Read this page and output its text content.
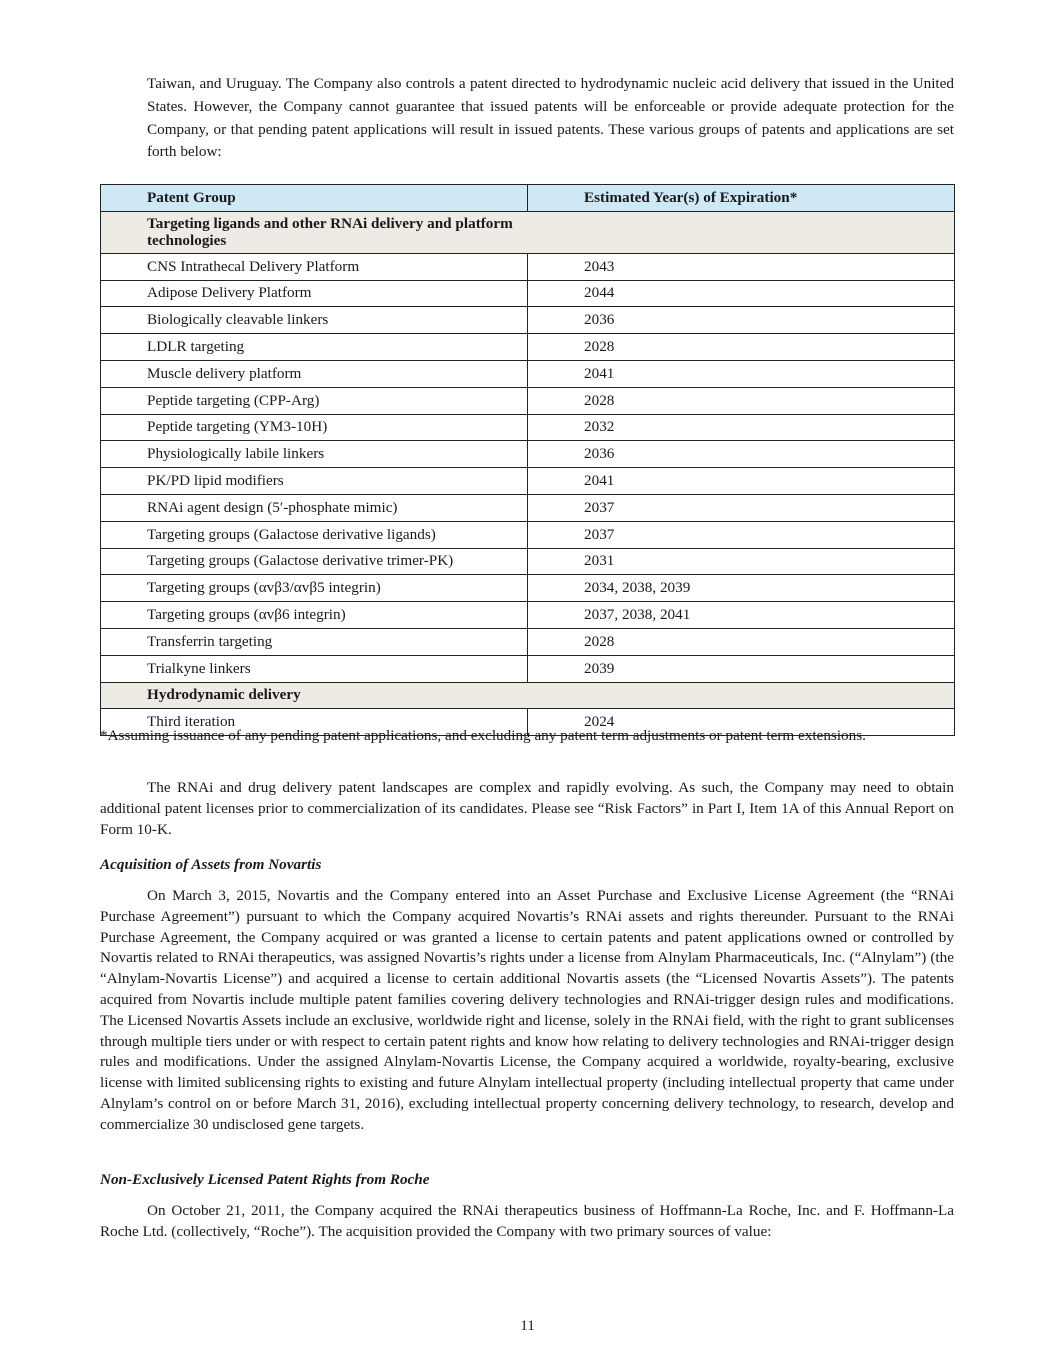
Taiwan, and Uruguay. The Company also controls a patent directed to hydrodynamic nucleic acid delivery that issued in the United States. However, the Company cannot guarantee that issued patents will be enforceable or provide adequate protection for the Company, or that pending patent applications will result in issued patents. These various groups of patents and applications are set forth below:

Patent Group	Estimated Year(s) of Expiration*
Targeting ligands and other RNAi delivery and platform technologies	
CNS Intrathecal Delivery Platform	2043
Adipose Delivery Platform	2044
Biologically cleavable linkers	2036
LDLR targeting	2028
Muscle delivery platform	2041
Peptide targeting (CPP-Arg)	2028
Peptide targeting (YM3-10H)	2032
Physiologically labile linkers	2036
PK/PD lipid modifiers	2041
RNAi agent design (5′-phosphate mimic)	2037
Targeting groups (Galactose derivative ligands)	2037
Targeting groups (Galactose derivative trimer-PK)	2031
Targeting groups (αvβ3/αvβ5 integrin)	2034, 2038, 2039
Targeting groups (αvβ6 integrin)	2037, 2038, 2041
Transferrin targeting	2028
Trialkyne linkers	2039
Hydrodynamic delivery	
Third iteration	2024

*Assuming issuance of any pending patent applications, and excluding any patent term adjustments or patent term extensions.

The RNAi and drug delivery patent landscapes are complex and rapidly evolving. As such, the Company may need to obtain additional patent licenses prior to commercialization of its candidates. Please see “Risk Factors” in Part I, Item 1A of this Annual Report on Form 10-K.

Acquisition of Assets from Novartis

On March 3, 2015, Novartis and the Company entered into an Asset Purchase and Exclusive License Agreement (the “RNAi Purchase Agreement”) pursuant to which the Company acquired Novartis’s RNAi assets and rights thereunder. Pursuant to the RNAi Purchase Agreement, the Company acquired or was granted a license to certain patents and patent applications owned or controlled by Novartis related to RNAi therapeutics, was assigned Novartis’s rights under a license from Alnylam Pharmaceuticals, Inc. (“Alnylam”) (the “Alnylam-Novartis License”) and acquired a license to certain additional Novartis assets (the “Licensed Novartis Assets”). The patents acquired from Novartis include multiple patent families covering delivery technologies and RNAi-trigger design rules and modifications. The Licensed Novartis Assets include an exclusive, worldwide right and license, solely in the RNAi field, with the right to grant sublicenses through multiple tiers under or with respect to certain patent rights and know how relating to delivery technologies and RNAi-trigger design rules and modifications. Under the assigned Alnylam-Novartis License, the Company acquired a worldwide, royalty-bearing, exclusive license with limited sublicensing rights to existing and future Alnylam intellectual property (including intellectual property that came under Alnylam’s control on or before March 31, 2016), excluding intellectual property concerning delivery technology, to research, develop and commercialize 30 undisclosed gene targets.

Non-Exclusively Licensed Patent Rights from Roche

On October 21, 2011, the Company acquired the RNAi therapeutics business of Hoffmann-La Roche, Inc. and F. Hoffmann-La Roche Ltd. (collectively, “Roche”). The acquisition provided the Company with two primary sources of value:

11
